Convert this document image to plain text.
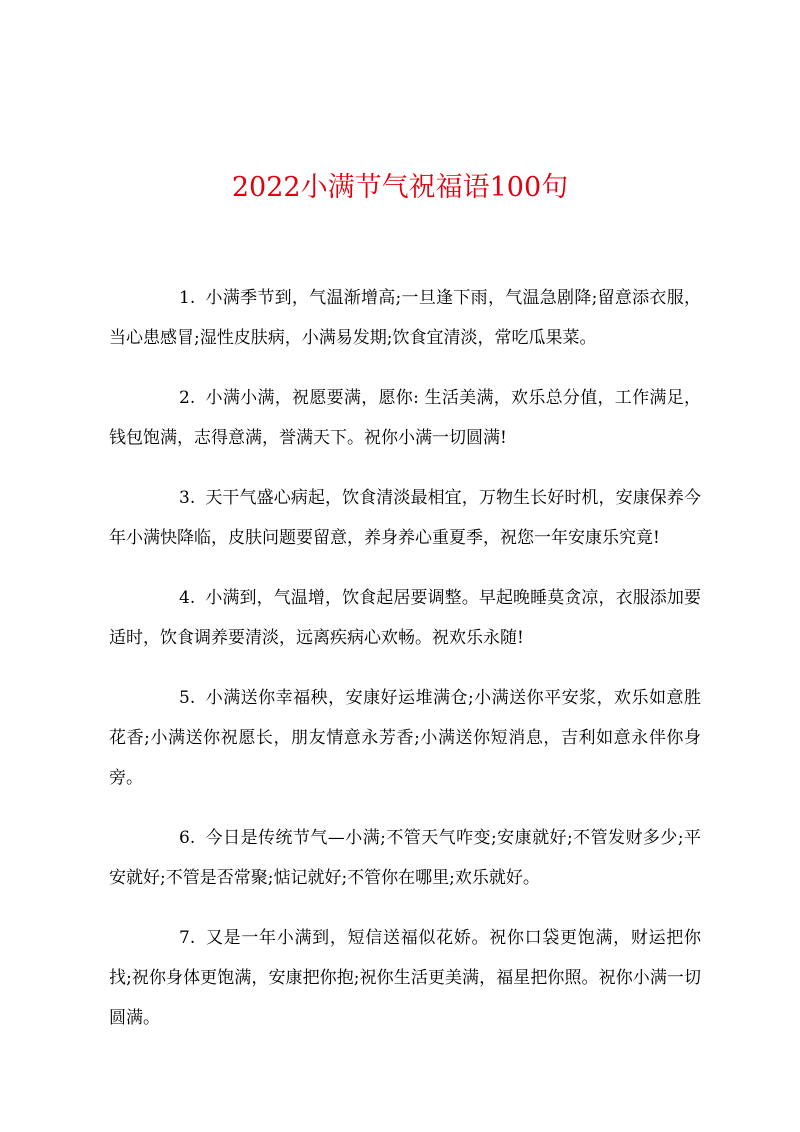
2022小满节气祝福语100句

1. 小满季节到，气温渐增高;一旦逢下雨，气温急剧降;留意添衣服，当心患感冒;湿性皮肤病，小满易发期;饮食宜清淡，常吃瓜果菜。

2. 小满小满，祝愿要满，愿你: 生活美满，欢乐总分值，工作满足，钱包饱满，志得意满，誉满天下。祝你小满一切圆满!

3. 天干气盛心病起，饮食清淡最相宜，万物生长好时机，安康保养今年小满快降临，皮肤问题要留意，养身养心重夏季，祝您一年安康乐究竟!

4. 小满到，气温增，饮食起居要调整。早起晚睡莫贪凉，衣服添加要适时，饮食调养要清淡，远离疾病心欢畅。祝欢乐永随!

5. 小满送你幸福秧，安康好运堆满仓;小满送你平安浆，欢乐如意胜花香;小满送你祝愿长，朋友情意永芳香;小满送你短消息，吉利如意永伴你身旁。

6. 今日是传统节气—小满;不管天气咋变;安康就好;不管发财多少;平安就好;不管是否常聚;惦记就好;不管你在哪里;欢乐就好。

7. 又是一年小满到，短信送福似花娇。祝你口袋更饱满，财运把你找;祝你身体更饱满，安康把你抱;祝你生活更美满，福星把你照。祝你小满一切圆满。
